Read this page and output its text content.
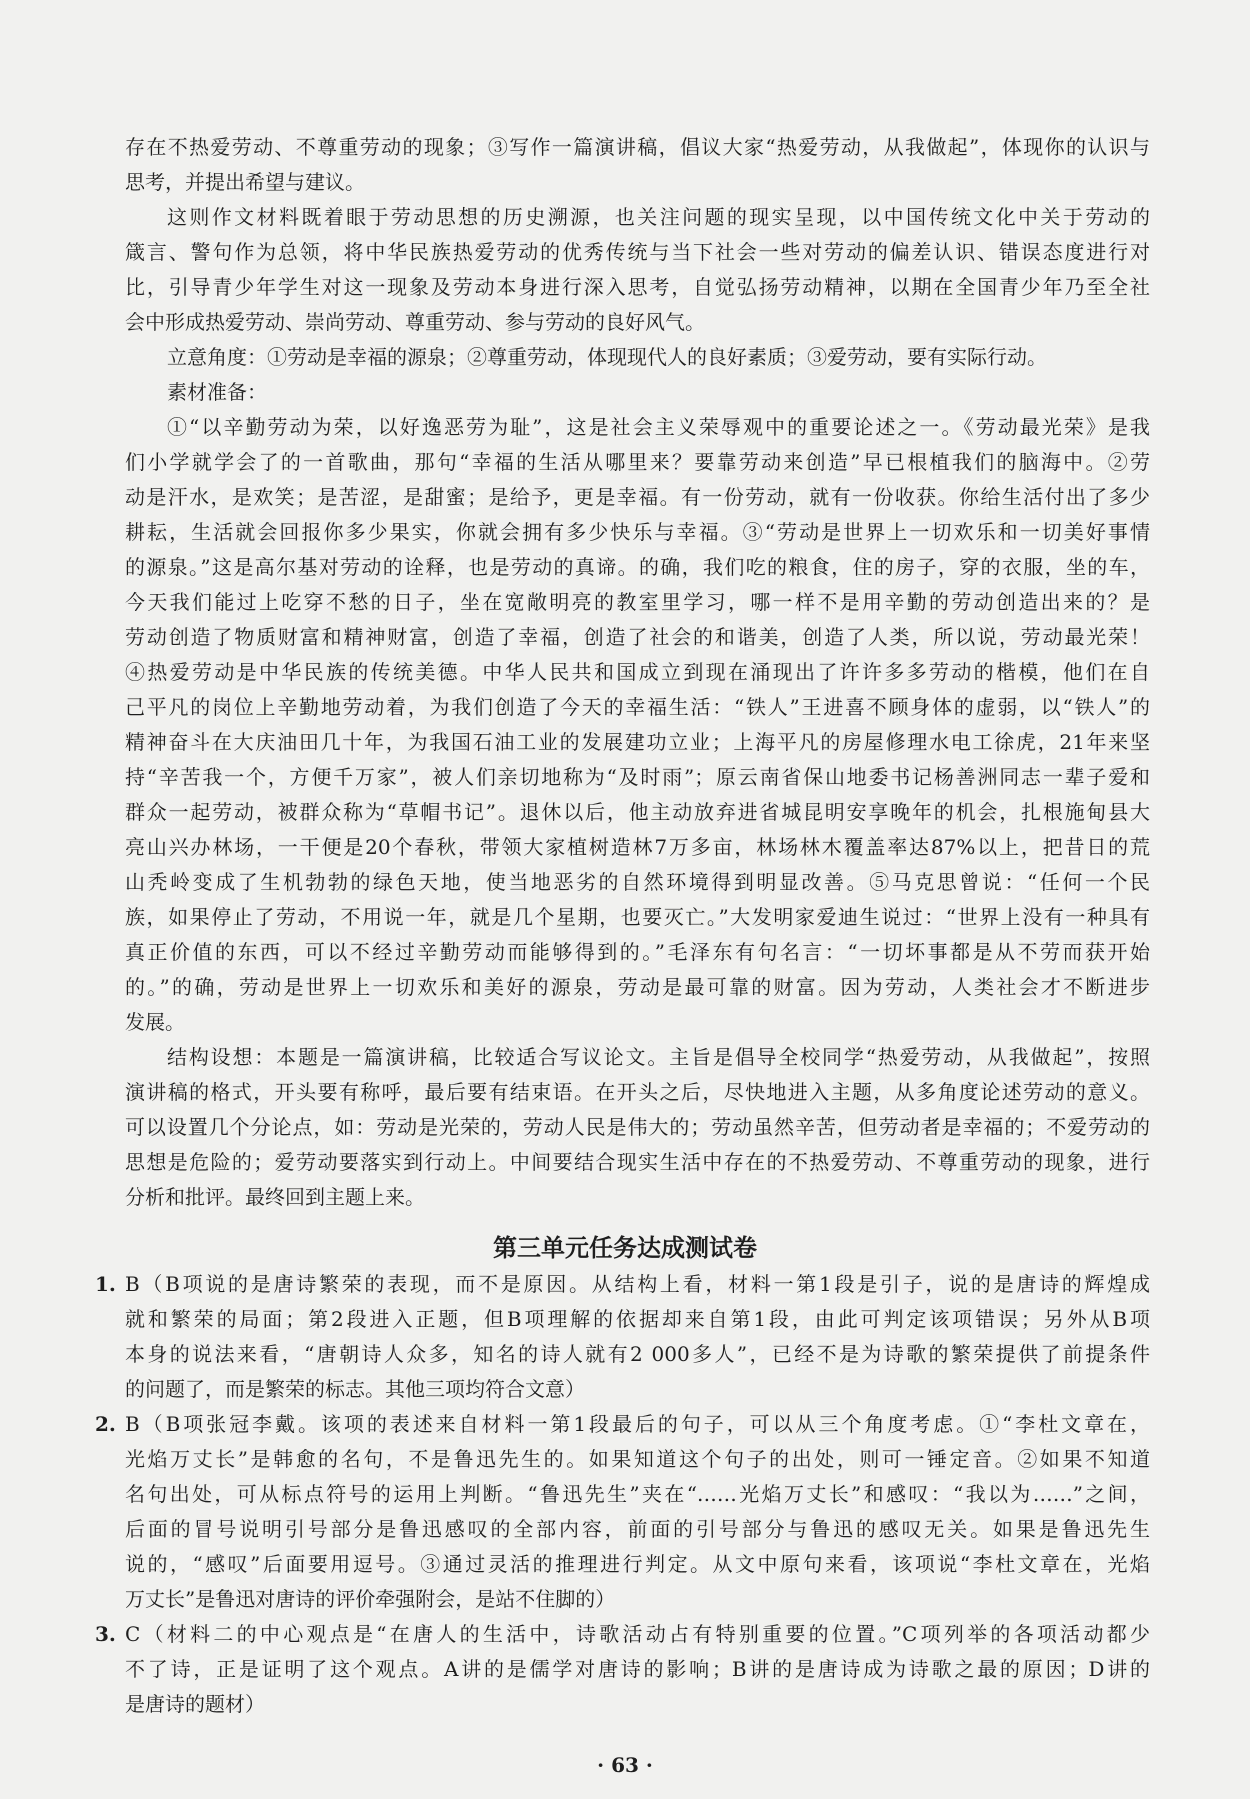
存在不热爱劳动、不尊重劳动的现象；③写作一篇演讲稿，倡议大家“热爱劳动，从我做起”，体现你的认识与
思考，并提出希望与建议。
这则作文材料既着眼于劳动思想的历史溯源，也关注问题的现实呈现，以中国传统文化中关于劳动的
箴言、警句作为总领，将中华民族热爱劳动的优秀传统与当下社会一些对劳动的偏差认识、错误态度进行对
比，引导青少年学生对这一现象及劳动本身进行深入思考，自觉弘扬劳动精神，以期在全国青少年乃至全社
会中形成热爱劳动、崇尚劳动、尊重劳动、参与劳动的良好风气。
立意角度：①劳动是幸福的源泉；②尊重劳动，体现现代人的良好素质；③爱劳动，要有实际行动。
素材准备：
①“以辛勤劳动为荣，以好逸恶劳为耻”，这是社会主义荣辱观中的重要论述之一。《劳动最光荣》是我
们小学就学会了的一首歌曲，那句“幸福的生活从哪里来？要靠劳动来创造”早已根植我们的脑海中。②劳
动是汗水，是欢笑；是苦涩，是甜蜜；是给予，更是幸福。有一份劳动，就有一份收获。你给生活付出了多少
耕耘，生活就会回报你多少果实，你就会拥有多少快乐与幸福。③“劳动是世界上一切欢乐和一切美好事情
的源泉。”这是高尔基对劳动的诠释，也是劳动的真谛。的确，我们吃的粮食，住的房子，穿的衣服，坐的车，
今天我们能过上吃穿不愁的日子，坐在宽敞明亮的教室里学习，哪一样不是用辛勤的劳动创造出来的？是
劳动创造了物质财富和精神财富，创造了幸福，创造了社会的和谐美，创造了人类，所以说，劳动最光荣！
④热爱劳动是中华民族的传统美德。中华人民共和国成立到现在涌现出了许许多多劳动的楷模，他们在自
己平凡的岗位上辛勤地劳动着，为我们创造了今天的幸福生活：“铁人”王进喜不顾身体的虚弱，以“铁人”的
精神奋斗在大庆油田几十年，为我国石油工业的发展建功立业；上海平凡的房屋修理水电工徐虎，21年来坚
持“辛苦我一个，方便千万家”，被人们亲切地称为“及时雨”；原云南省保山地委书记杨善洲同志一辈子爱和
群众一起劳动，被群众称为“草帽书记”。退休以后，他主动放弃进省城昆明安享晚年的机会，扎根施甸县大
亮山兴办林场，一干便是20个春秋，带领大家植树造林7万多亩，林场林木覆盖率达87%以上，把昔日的荒
山秃岭变成了生机勃勃的绿色天地，使当地恶劣的自然环境得到明显改善。⑤马克思曾说：“任何一个民
族，如果停止了劳动，不用说一年，就是几个星期，也要灭亡。”大发明家爱迪生说过：“世界上没有一种具有
真正价值的东西，可以不经过辛勤劳动而能够得到的。”毛泽东有句名言：“一切坏事都是从不劳而获开始
的。”的确，劳动是世界上一切欢乐和美好的源泉，劳动是最可靠的财富。因为劳动，人类社会才不断进步
发展。
结构设想：本题是一篇演讲稿，比较适合写议论文。主旨是倡导全校同学“热爱劳动，从我做起”，按照
演讲稿的格式，开头要有称呼，最后要有结束语。在开头之后，尽快地进入主题，从多角度论述劳动的意义。
可以设置几个分论点，如：劳动是光荣的，劳动人民是伟大的；劳动虽然辛苦，但劳动者是幸福的；不爱劳动的
思想是危险的；爱劳动要落实到行动上。中间要结合现实生活中存在的不热爱劳动、不尊重劳动的现象，进行
分析和批评。最终回到主题上来。
第三单元任务达成测试卷
1. B（B项说的是唐诗繁荣的表现，而不是原因。从结构上看，材料一第1段是引子，说的是唐诗的辉煌成
就和繁荣的局面；第2段进入正题，但B项理解的依据却来自第1段，由此可判定该项错误；另外从B项
本身的说法来看，“唐朝诗人众多，知名的诗人就有2 000多人”，已经不是为诗歌的繁荣提供了前提条件
的问题了，而是繁荣的标志。其他三项均符合文意）
2. B（B项张冠李戴。该项的表述来自材料一第1段最后的句子，可以从三个角度考虑。①“李杜文章在，
光焰万丈长”是韩愈的名句，不是鲁迅先生的。如果知道这个句子的出处，则可一锤定音。②如果不知道
名句出处，可从标点符号的运用上判断。“鲁迅先生”夹在“……光焰万丈长”和感叹：“我以为……”之间，
后面的冒号说明引号部分是鲁迅感叹的全部内容，前面的引号部分与鲁迅的感叹无关。如果是鲁迅先生
说的，“感叹”后面要用逗号。③通过灵活的推理进行判定。从文中原句来看，该项说“李杜文章在，光焰
万丈长”是鲁迅对唐诗的评价牵强附会，是站不住脚的）
3. C（材料二的中心观点是“在唐人的生活中，诗歌活动占有特别重要的位置。”C项列举的各项活动都少
不了诗，正是证明了这个观点。A讲的是儒学对唐诗的影响；B讲的是唐诗成为诗歌之最的原因；D讲的
是唐诗的题材）
· 63 ·
